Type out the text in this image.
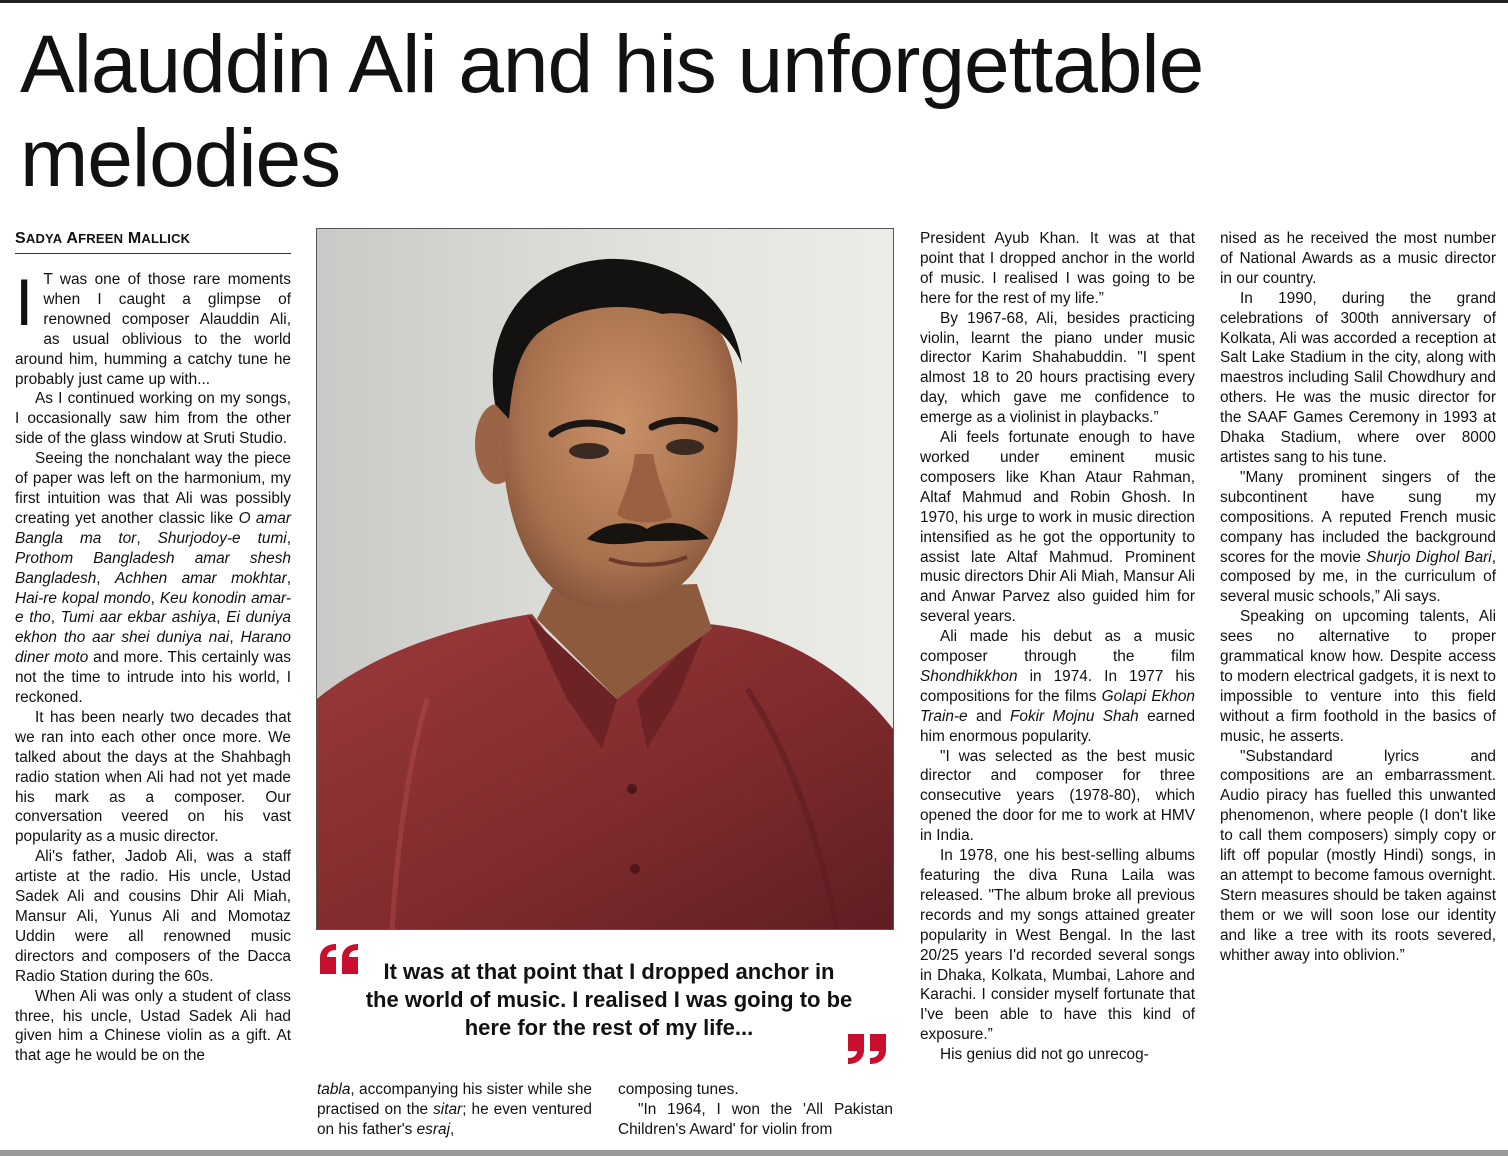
Alauddin Ali and his unforgettable melodies
SADYA AFREEN MALLICK

I T was one of those rare moments when I caught a glimpse of renowned composer Alauddin Ali, as usual oblivious to the world around him, humming a catchy tune he probably just came up with...

As I continued working on my songs, I occasionally saw him from the other side of the glass window at Sruti Studio.

Seeing the nonchalant way the piece of paper was left on the harmonium, my first intuition was that Ali was possibly creating yet another classic like O amar Bangla ma tor, Shurjodoy-e tumi, Prothom Bangladesh amar shesh Bangladesh, Achhen amar mokhtar, Hai-re kopal mondo, Keu konodin amar-e tho, Tumi aar ekbar ashiya, Ei duniya ekhon tho aar shei duniya nai, Harano diner moto and more. This certainly was not the time to intrude into his world, I reckoned.

It has been nearly two decades that we ran into each other once more. We talked about the days at the Shahbagh radio station when Ali had not yet made his mark as a composer. Our conversation veered on his vast popularity as a music director.

Ali's father, Jadob Ali, was a staff artiste at the radio. His uncle, Ustad Sadek Ali and cousins Dhir Ali Miah, Mansur Ali, Yunus Ali and Momotaz Uddin were all renowned music directors and composers of the Dacca Radio Station during the 60s.

When Ali was only a student of class three, his uncle, Ustad Sadek Ali had given him a Chinese violin as a gift. At that age he would be on the

It was at that point that I dropped anchor in the world of music. I realised I was going to be here for the rest of my life...

tabla, accompanying his sister while she practised on the sitar; he even ventured on his father's esraj,

composing tunes.

"In 1964, I won the 'All Pakistan Children's Award' for violin from

President Ayub Khan. It was at that point that I dropped anchor in the world of music. I realised I was going to be here for the rest of my life.”

By 1967-68, Ali, besides practicing violin, learnt the piano under music director Karim Shahabuddin. "I spent almost 18 to 20 hours practising every day, which gave me confidence to emerge as a violinist in playbacks.”

Ali feels fortunate enough to have worked under eminent music composers like Khan Ataur Rahman, Altaf Mahmud and Robin Ghosh. In 1970, his urge to work in music direction intensified as he got the opportunity to assist late Altaf Mahmud. Prominent music directors Dhir Ali Miah, Mansur Ali and Anwar Parvez also guided him for several years.

Ali made his debut as a music composer through the film Shondhikkhon in 1974. In 1977 his compositions for the films Golapi Ekhon Train-e and Fokir Mojnu Shah earned him enormous popularity.

"I was selected as the best music director and composer for three consecutive years (1978-80), which opened the door for me to work at HMV in India.

In 1978, one his best-selling albums featuring the diva Runa Laila was released. "The album broke all previous records and my songs attained greater popularity in West Bengal. In the last 20/25 years I'd recorded several songs in Dhaka, Kolkata, Mumbai, Lahore and Karachi. I consider myself fortunate that I've been able to have this kind of exposure.”

His genius did not go unrecog-

nised as he received the most number of National Awards as a music director in our country.

In 1990, during the grand celebrations of 300th anniversary of Kolkata, Ali was accorded a reception at Salt Lake Stadium in the city, along with maestros including Salil Chowdhury and others. He was the music director for the SAAF Games Ceremony in 1993 at Dhaka Stadium, where over 8000 artistes sang to his tune.

"Many prominent singers of the subcontinent have sung my compositions. A reputed French music company has included the background scores for the movie Shurjo Dighol Bari, composed by me, in the curriculum of several music schools,” Ali says.

Speaking on upcoming talents, Ali sees no alternative to proper grammatical know how. Despite access to modern electrical gadgets, it is next to impossible to venture into this field without a firm foothold in the basics of music, he asserts.

"Substandard lyrics and compositions are an embarrassment. Audio piracy has fuelled this unwanted phenomenon, where people (I don't like to call them composers) simply copy or lift off popular (mostly Hindi) songs, in an attempt to become famous overnight. Stern measures should be taken against them or we will soon lose our identity and like a tree with its roots severed, whither away into oblivion.”
